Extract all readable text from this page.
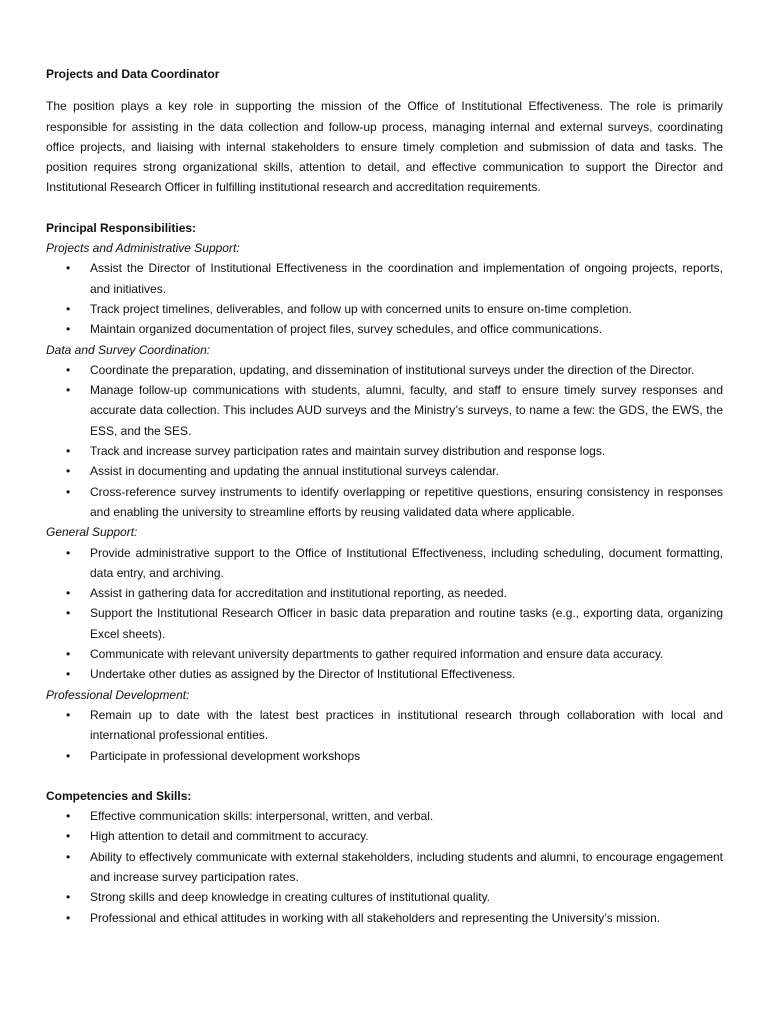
Projects and Data Coordinator

The position plays a key role in supporting the mission of the Office of Institutional Effectiveness. The role is primarily responsible for assisting in the data collection and follow-up process, managing internal and external surveys, coordinating office projects, and liaising with internal stakeholders to ensure timely completion and submission of data and tasks. The position requires strong organizational skills, attention to detail, and effective communication to support the Director and Institutional Research Officer in fulfilling institutional research and accreditation requirements.

Principal Responsibilities:

Projects and Administrative Support:

• Assist the Director of Institutional Effectiveness in the coordination and implementation of ongoing projects, reports, and initiatives.
• Track project timelines, deliverables, and follow up with concerned units to ensure on-time completion.
• Maintain organized documentation of project files, survey schedules, and office communications.

Data and Survey Coordination:

• Coordinate the preparation, updating, and dissemination of institutional surveys under the direction of the Director.
• Manage follow-up communications with students, alumni, faculty, and staff to ensure timely survey responses and accurate data collection. This includes AUD surveys and the Ministry’s surveys, to name a few: the GDS, the EWS, the ESS, and the SES.
• Track and increase survey participation rates and maintain survey distribution and response logs.
• Assist in documenting and updating the annual institutional surveys calendar.
• Cross-reference survey instruments to identify overlapping or repetitive questions, ensuring consistency in responses and enabling the university to streamline efforts by reusing validated data where applicable.

General Support:

• Provide administrative support to the Office of Institutional Effectiveness, including scheduling, document formatting, data entry, and archiving.
• Assist in gathering data for accreditation and institutional reporting, as needed.
• Support the Institutional Research Officer in basic data preparation and routine tasks (e.g., exporting data, organizing Excel sheets).
• Communicate with relevant university departments to gather required information and ensure data accuracy.
• Undertake other duties as assigned by the Director of Institutional Effectiveness.

Professional Development:

• Remain up to date with the latest best practices in institutional research through collaboration with local and international professional entities.
• Participate in professional development workshops

Competencies and Skills:

• Effective communication skills: interpersonal, written, and verbal.
• High attention to detail and commitment to accuracy.
• Ability to effectively communicate with external stakeholders, including students and alumni, to encourage engagement and increase survey participation rates.
• Strong skills and deep knowledge in creating cultures of institutional quality.
• Professional and ethical attitudes in working with all stakeholders and representing the University’s mission.
